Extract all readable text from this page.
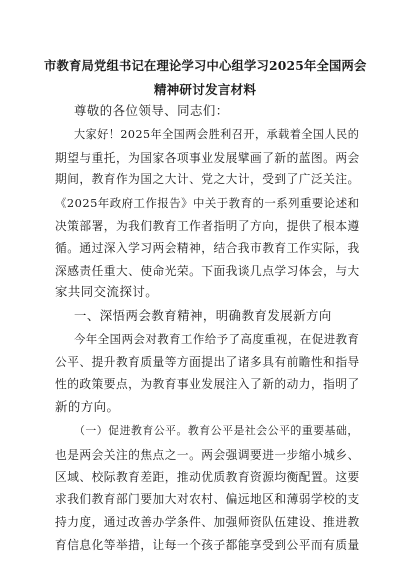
市教育局党组书记在理论学习中心组学习2025年全国两会
精神研讨发言材料
尊敬的各位领导、同志们：
大家好！2025年全国两会胜利召开，承载着全国人民的
期望与重托，为国家各项事业发展擘画了新的蓝图。两会
期间，教育作为国之大计、党之大计，受到了广泛关注。
《2025年政府工作报告》中关于教育的一系列重要论述和
决策部署，为我们教育工作者指明了方向，提供了根本遵
循。通过深入学习两会精神，结合我市教育工作实际，我
深感责任重大、使命光荣。下面我谈几点学习体会，与大
家共同交流探讨。
一、深悟两会教育精神，明确教育发展新方向
今年全国两会对教育工作给予了高度重视，在促进教育
公平、提升教育质量等方面提出了诸多具有前瞻性和指导
性的政策要点，为教育事业发展注入了新的动力，指明了
新的方向。
（一）促进教育公平。教育公平是社会公平的重要基础，
也是两会关注的焦点之一。两会强调要进一步缩小城乡、
区域、校际教育差距，推动优质教育资源均衡配置。这要
求我们教育部门要加大对农村、偏远地区和薄弱学校的支
持力度，通过改善办学条件、加强师资队伍建设、推进教
育信息化等举措，让每一个孩子都能享受到公平而有质量
